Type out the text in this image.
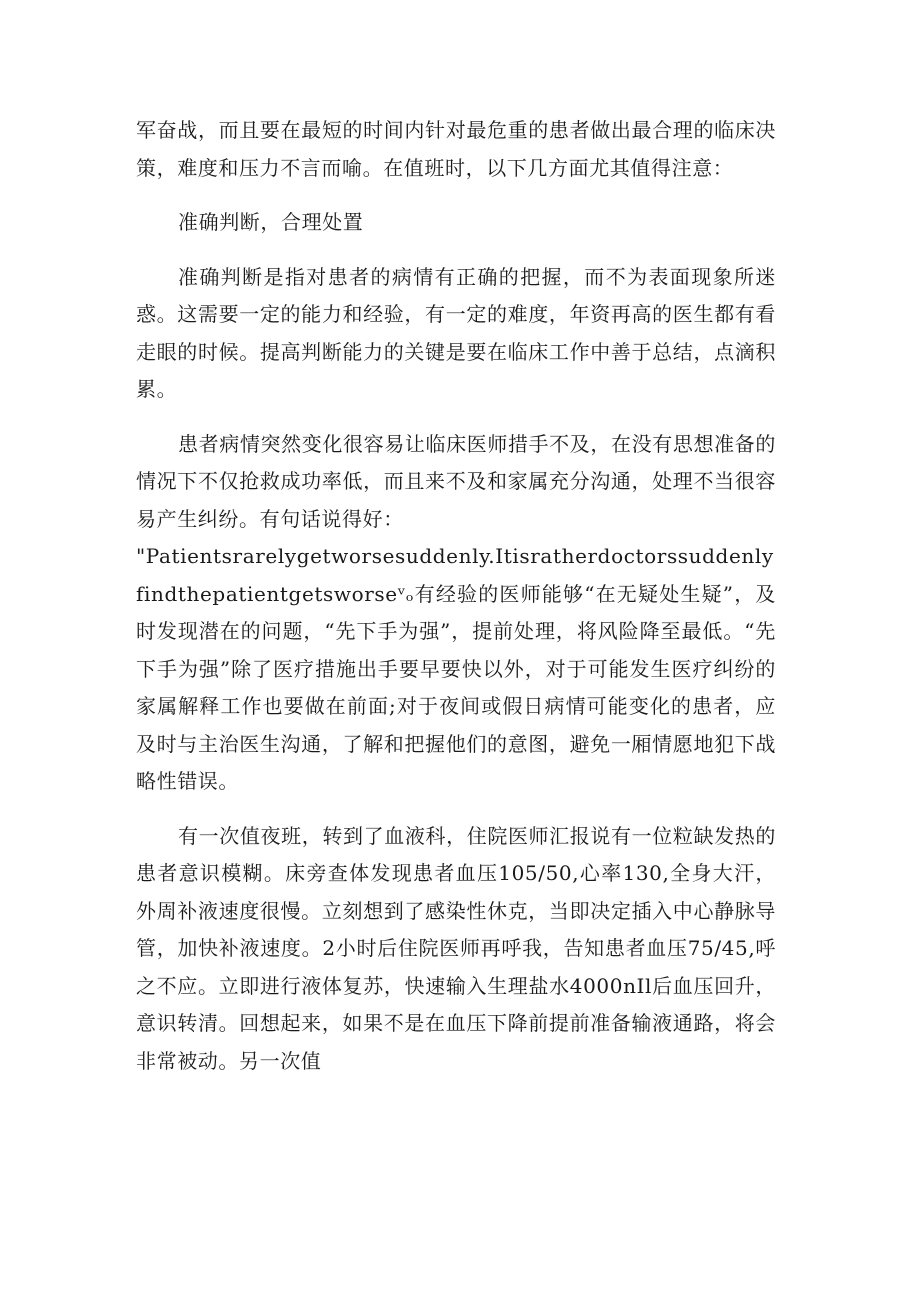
军奋战，而且要在最短的时间内针对最危重的患者做出最合理的临床决策，难度和压力不言而喻。在值班时，以下几方面尤其值得注意：

准确判断，合理处置

准确判断是指对患者的病情有正确的把握，而不为表面现象所迷惑。这需要一定的能力和经验，有一定的难度，年资再高的医生都有看走眼的时候。提高判断能力的关键是要在临床工作中善于总结，点滴积累。

患者病情突然变化很容易让临床医师措手不及，在没有思想准备的情况下不仅抢救成功率低，而且来不及和家属充分沟通，处理不当很容易产生纠纷。有句话说得好：

"Patientsrarelygetworsesuddenly.Itisratherdoctorssuddenlyfindthepatientgetsworseᵛₒ有经验的医师能够“在无疑处生疑”，及时发现潜在的问题，“先下手为强”，提前处理，将风险降至最低。“先下手为强”除了医疗措施出手要早要快以外，对于可能发生医疗纠纷的家属解释工作也要做在前面;对于夜间或假日病情可能变化的患者，应及时与主治医生沟通，了解和把握他们的意图，避免一厢情愿地犯下战略性错误。

有一次值夜班，转到了血液科，住院医师汇报说有一位粒缺发热的患者意识模糊。床旁查体发现患者血压105/50,心率130,全身大汗，外周补液速度很慢。立刻想到了感染性休克，当即决定插入中心静脉导管，加快补液速度。2小时后住院医师再呼我，告知患者血压75/45,呼之不应。立即进行液体复苏，快速输入生理盐水4000nIl后血压回升，意识转清。回想起来，如果不是在血压下降前提前准备输液通路，将会非常被动。另一次值
